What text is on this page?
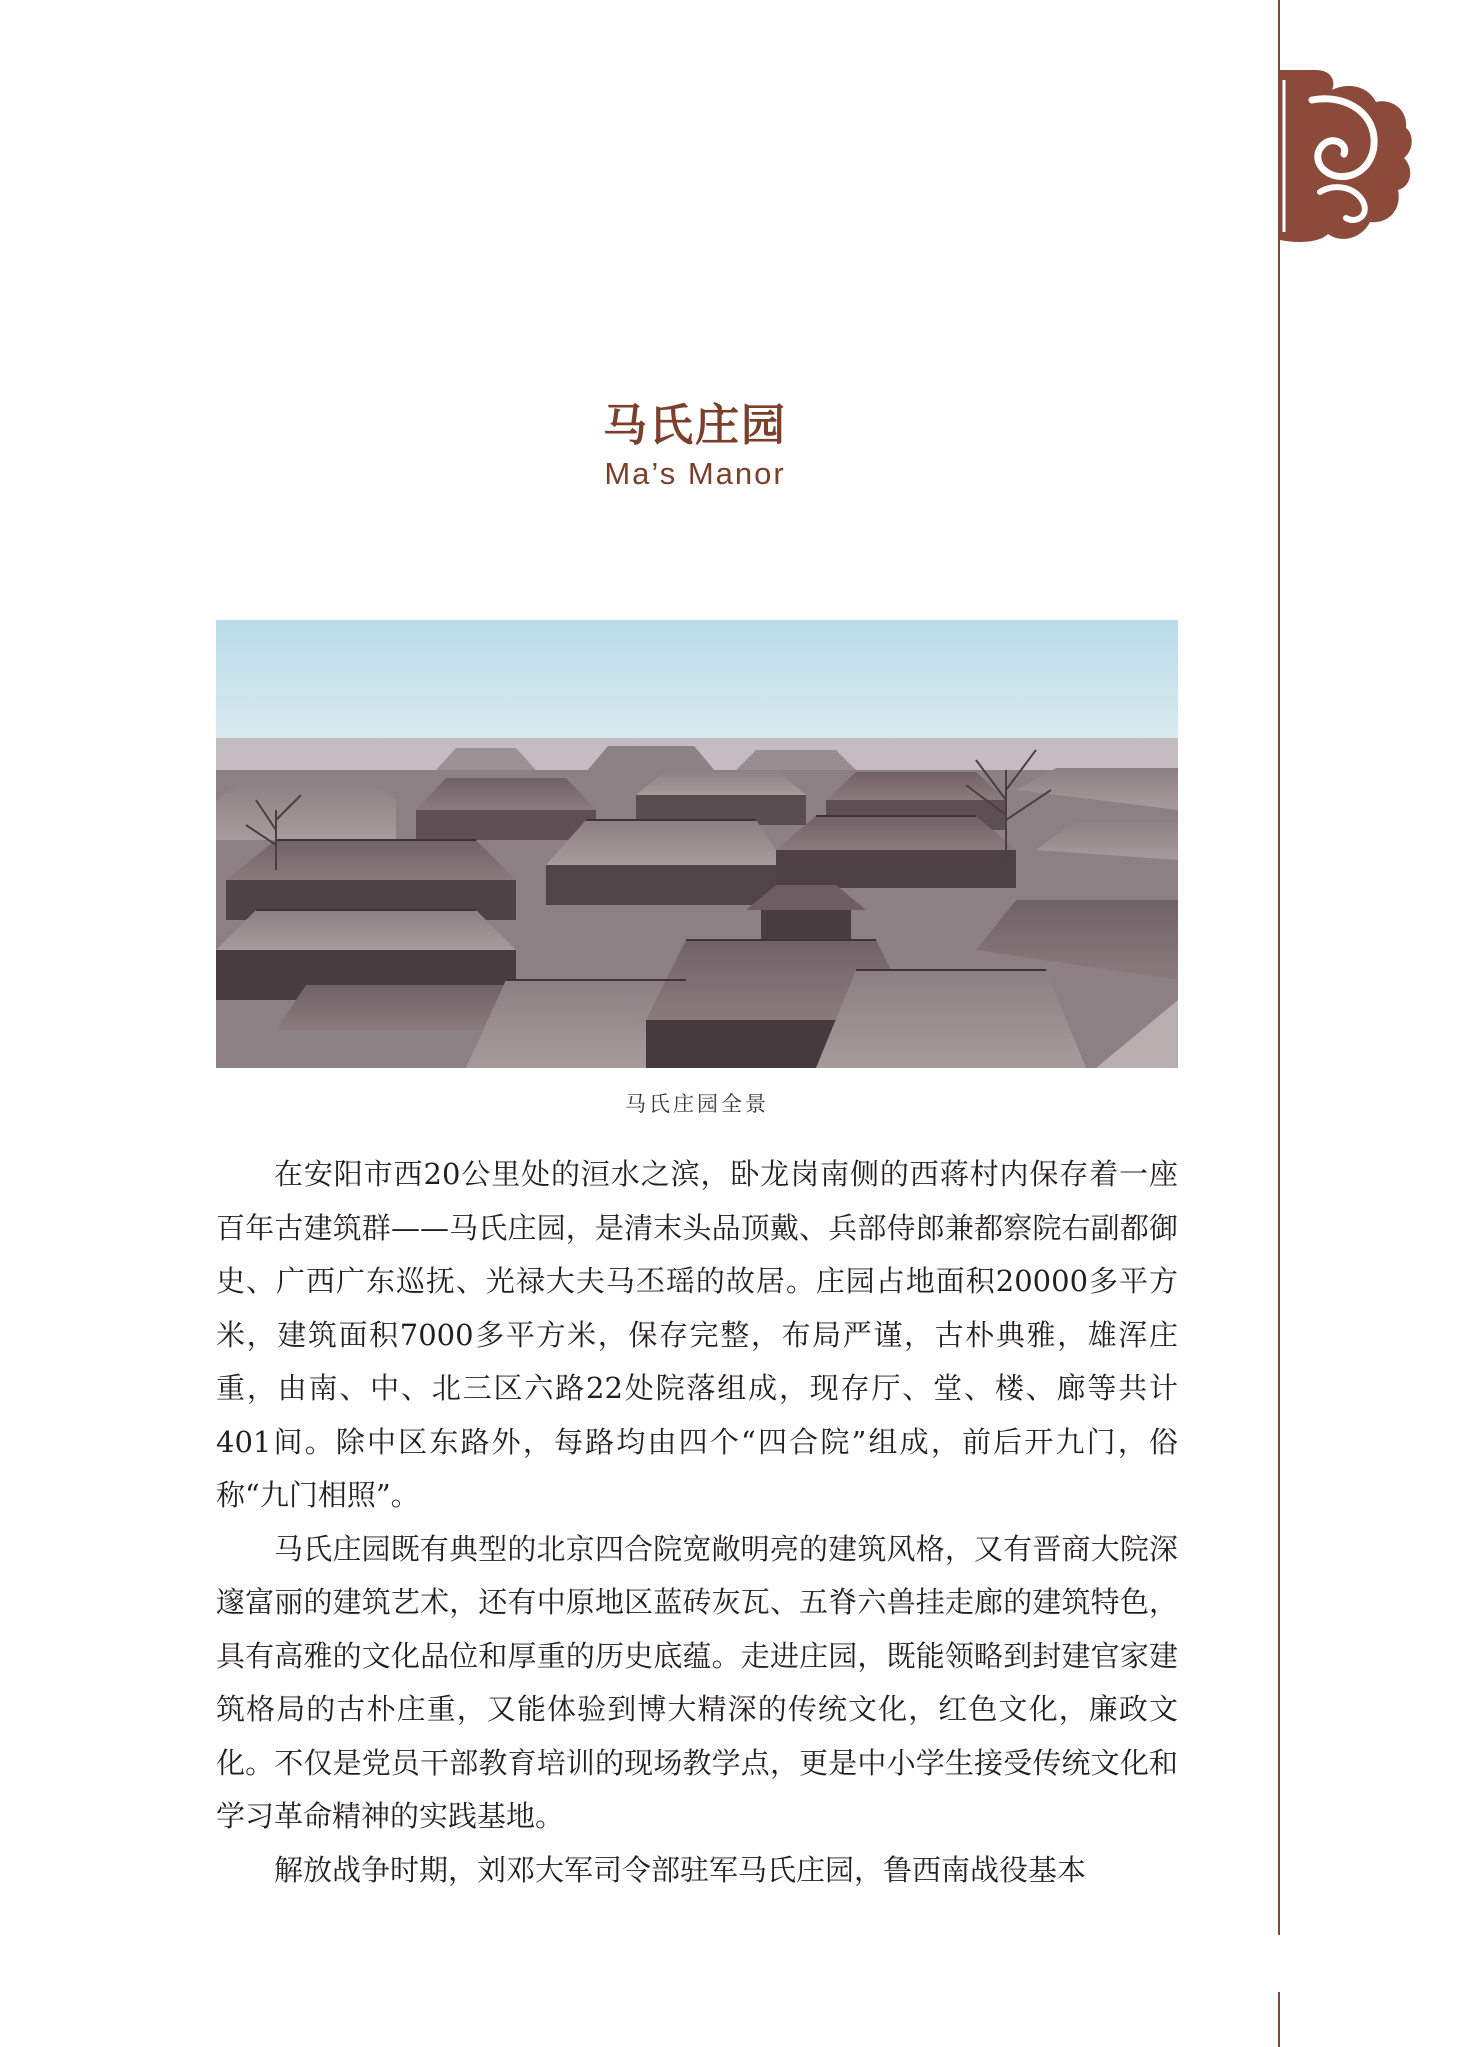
马氏庄园
Ma’s Manor
马氏庄园全景

在安阳市西20公里处的洹水之滨，卧龙岗南侧的西蒋村内保存着一座百年古建筑群——马氏庄园，是清末头品顶戴、兵部侍郎兼都察院右副都御史、广西广东巡抚、光禄大夫马丕瑶的故居。庄园占地面积20000多平方米，建筑面积7000多平方米，保存完整，布局严谨，古朴典雅，雄浑庄重，由南、中、北三区六路22处院落组成，现存厅、堂、楼、廊等共计401间。除中区东路外，每路均由四个“四合院”组成，前后开九门，俗称“九门相照”。

马氏庄园既有典型的北京四合院宽敞明亮的建筑风格，又有晋商大院深邃富丽的建筑艺术，还有中原地区蓝砖灰瓦、五脊六兽挂走廊的建筑特色，具有高雅的文化品位和厚重的历史底蕴。走进庄园，既能领略到封建官家建筑格局的古朴庄重，又能体验到博大精深的传统文化，红色文化，廉政文化。不仅是党员干部教育培训的现场教学点，更是中小学生接受传统文化和学习革命精神的实践基地。

解放战争时期，刘邓大军司令部驻军马氏庄园，鲁西南战役基本
